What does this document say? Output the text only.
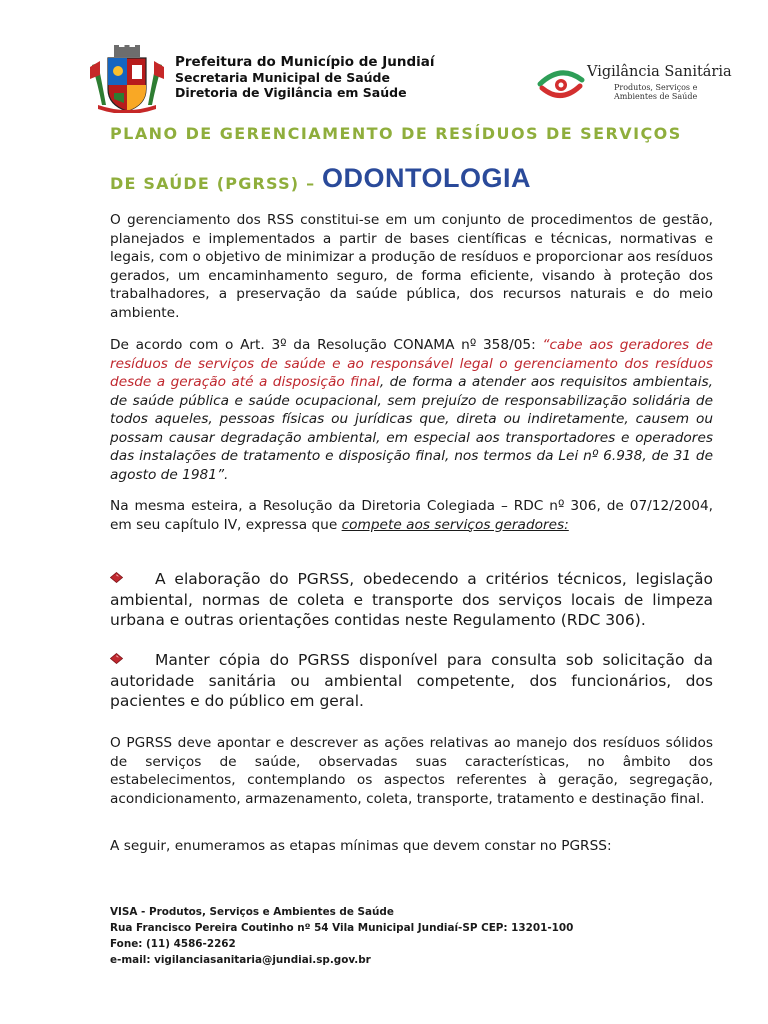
Prefeitura do Município de Jundiaí
Secretaria Municipal de Saúde
Diretoria de Vigilância em Saúde
Vigilância Sanitária
Produtos, Serviços e
Ambientes de Saúde
PLANO DE GERENCIAMENTO DE RESÍDUOS DE SERVIÇOS
DE SAÚDE (PGRSS) – ODONTOLOGIA
O gerenciamento dos RSS constitui-se em um conjunto de procedimentos de gestão, planejados e implementados a partir de bases científicas e técnicas, normativas e legais, com o objetivo de minimizar a produção de resíduos e proporcionar aos resíduos gerados, um encaminhamento seguro, de forma eficiente, visando à proteção dos trabalhadores, a preservação da saúde pública, dos recursos naturais e do meio ambiente.
De acordo com o Art. 3º da Resolução CONAMA nº 358/05: “cabe aos geradores de resíduos de serviços de saúde e ao responsável legal o gerenciamento dos resíduos desde a geração até a disposição final, de forma a atender aos requisitos ambientais, de saúde pública e saúde ocupacional, sem prejuízo de responsabilização solidária de todos aqueles, pessoas físicas ou jurídicas que, direta ou indiretamente, causem ou possam causar degradação ambiental, em especial aos transportadores e operadores das instalações de tratamento e disposição final, nos termos da Lei nº 6.938, de 31 de agosto de 1981”.
Na mesma esteira, a Resolução da Diretoria Colegiada – RDC nº 306, de 07/12/2004, em seu capítulo IV, expressa que compete aos serviços geradores:
A elaboração do PGRSS, obedecendo a critérios técnicos, legislação ambiental, normas de coleta e transporte dos serviços locais de limpeza urbana e outras orientações contidas neste Regulamento (RDC 306).
Manter cópia do PGRSS disponível para consulta sob solicitação da autoridade sanitária ou ambiental competente, dos funcionários, dos pacientes e do público em geral.
O PGRSS deve apontar e descrever as ações relativas ao manejo dos resíduos sólidos de serviços de saúde, observadas suas características, no âmbito dos estabelecimentos, contemplando os aspectos referentes à geração, segregação, acondicionamento, armazenamento, coleta, transporte, tratamento e destinação final.
A seguir, enumeramos as etapas mínimas que devem constar no PGRSS:
VISA - Produtos, Serviços e Ambientes de Saúde
Rua Francisco Pereira Coutinho nº 54 Vila Municipal Jundiaí-SP CEP: 13201-100
Fone: (11) 4586-2262
e-mail: vigilanciasanitaria@jundiai.sp.gov.br
